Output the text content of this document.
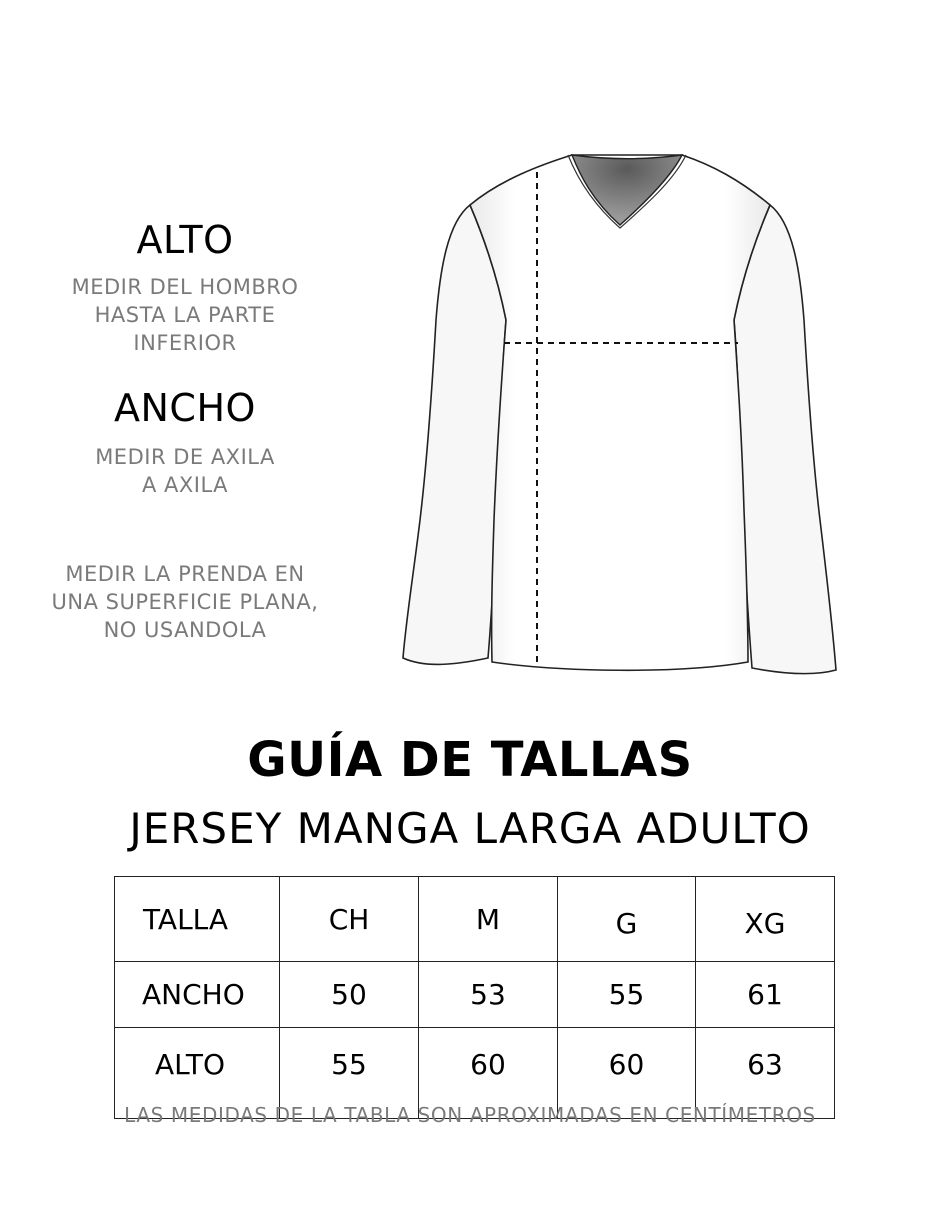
ALTO
MEDIR DEL HOMBRO
HASTA LA PARTE
INFERIOR
ANCHO
MEDIR DE AXILA
A AXILA
MEDIR LA PRENDA EN
UNA SUPERFICIE PLANA,
NO USANDOLA
GUÍA DE TALLAS
JERSEY MANGA LARGA ADULTO
TALLA	CH	M	G	XG
ANCHO	50	53	55	61
ALTO	55	60	60	63
LAS MEDIDAS DE LA TABLA SON APROXIMADAS EN CENTÍMETROS
